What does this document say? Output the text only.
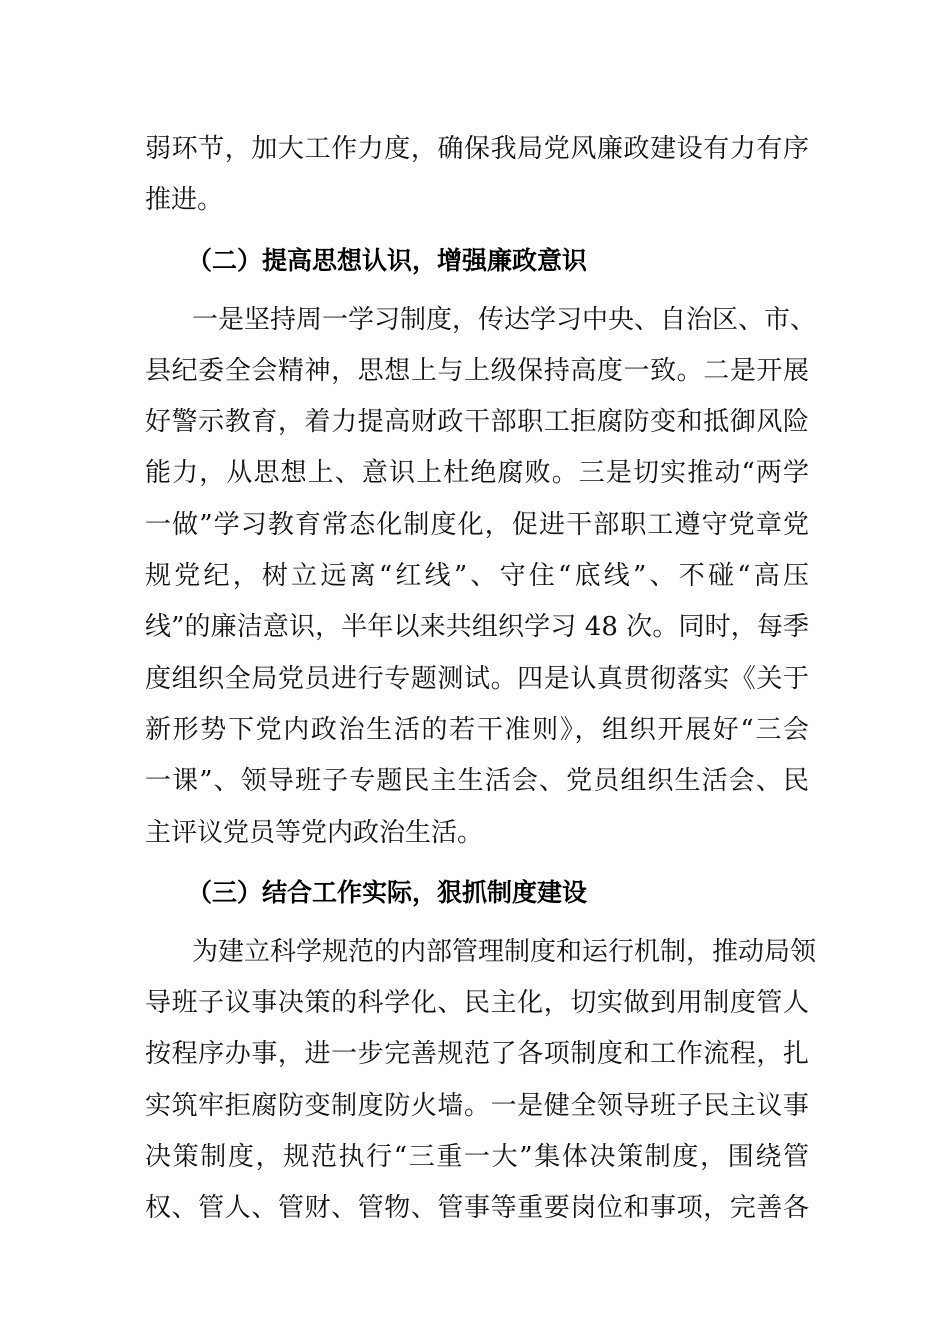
弱环节，加大工作力度，确保我局党风廉政建设有力有序
推进。
（二）提高思想认识，增强廉政意识
一是坚持周一学习制度，传达学习中央、自治区、市、
县纪委全会精神，思想上与上级保持高度一致。二是开展
好警示教育，着力提高财政干部职工拒腐防变和抵御风险
能力，从思想上、意识上杜绝腐败。三是切实推动“两学
一做”学习教育常态化制度化，促进干部职工遵守党章党
规党纪，树立远离“红线”、守住“底线”、不碰“高压
线”的廉洁意识，半年以来共组织学习 48 次。同时，每季
度组织全局党员进行专题测试。四是认真贯彻落实《关于
新形势下党内政治生活的若干准则》，组织开展好“三会
一课”、领导班子专题民主生活会、党员组织生活会、民
主评议党员等党内政治生活。
（三）结合工作实际，狠抓制度建设
为建立科学规范的内部管理制度和运行机制，推动局领
导班子议事决策的科学化、民主化，切实做到用制度管人
按程序办事，进一步完善规范了各项制度和工作流程，扎
实筑牢拒腐防变制度防火墙。一是健全领导班子民主议事
决策制度，规范执行“三重一大”集体决策制度，围绕管
权、管人、管财、管物、管事等重要岗位和事项，完善各
